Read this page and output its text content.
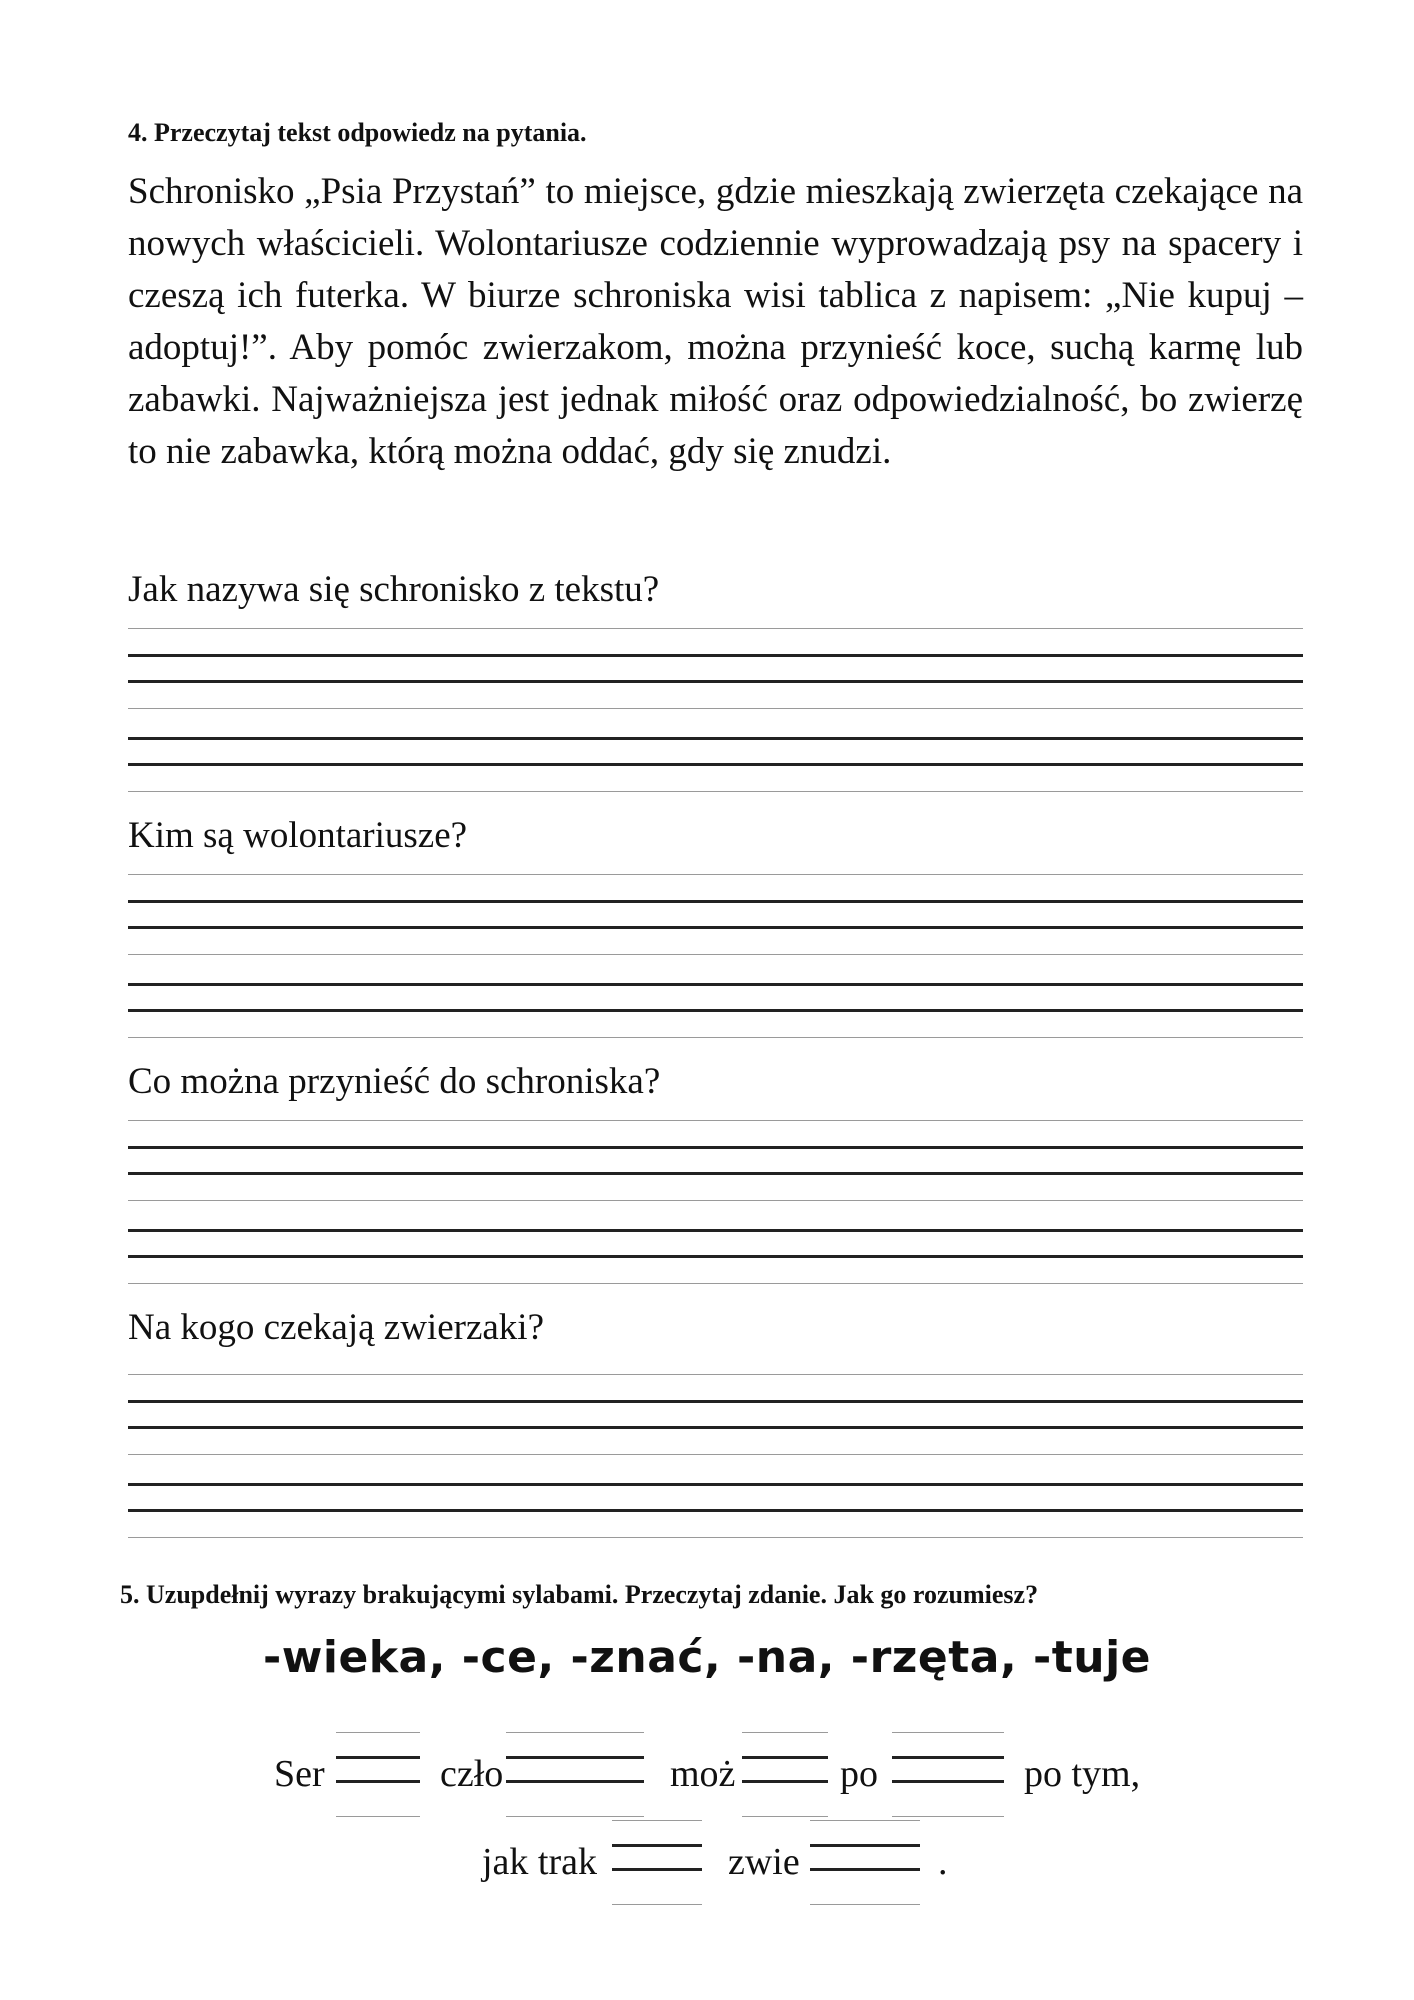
4. Przeczytaj tekst odpowiedz na pytania.
Schronisko „Psia Przystań” to miejsce, gdzie mieszkają zwierzęta czekające na nowych właścicieli. Wolontariusze codziennie wyprowadzają psy na spacery i czeszą ich futerka. W biurze schroniska wisi tablica z napisem: „Nie kupuj – adoptuj!”. Aby pomóc zwierzakom, można przynieść koce, suchą karmę lub zabawki. Najważniejsza jest jednak miłość oraz odpowiedzialność, bo zwierzę to nie zabawka, którą można oddać, gdy się znudzi.
Jak nazywa się schronisko z tekstu?
Kim są wolontariusze?
Co można przynieść do schroniska?
Na kogo czekają zwierzaki?
5. Uzupdełnij wyrazy brakującymi sylabami. Przeczytaj zdanie. Jak go rozumiesz?
-wieka, -ce, -znać, -na, -rzęta, -tuje
Ser	czło	moż	po	po tym,
jak trak	zwie	.
